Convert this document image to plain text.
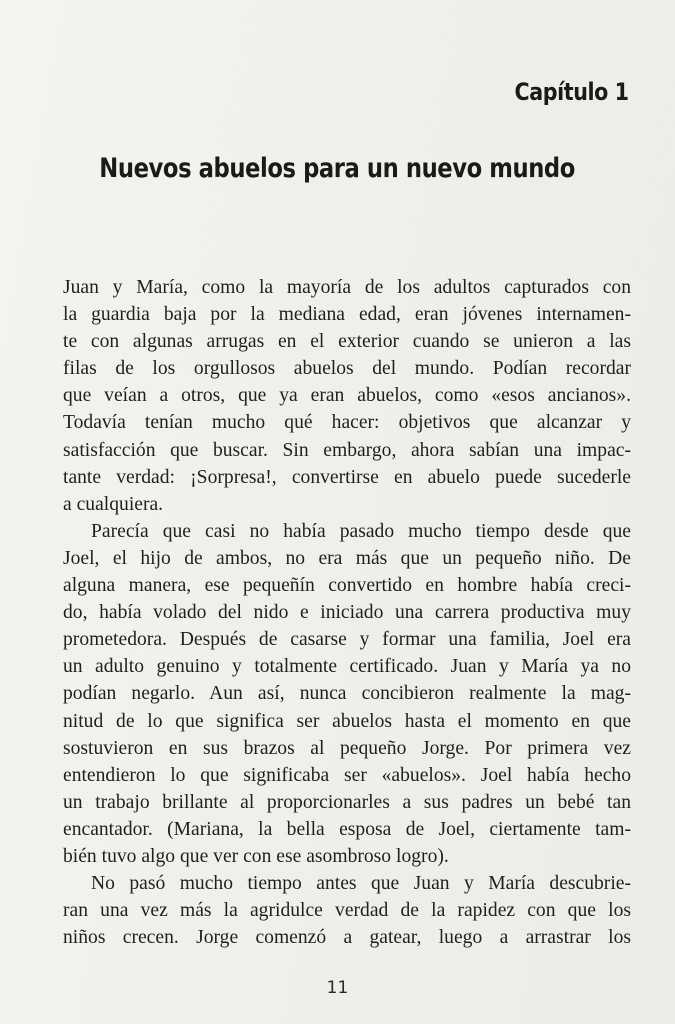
Capítulo 1
Nuevos abuelos para un nuevo mundo

Juan y María, como la mayoría de los adultos capturados con
la guardia baja por la mediana edad, eran jóvenes internamen-
te con algunas arrugas en el exterior cuando se unieron a las
filas de los orgullosos abuelos del mundo. Podían recordar
que veían a otros, que ya eran abuelos, como «esos ancianos».
Todavía tenían mucho qué hacer: objetivos que alcanzar y
satisfacción que buscar. Sin embargo, ahora sabían una impac-
tante verdad: ¡Sorpresa!, convertirse en abuelo puede sucederle
a cualquiera.

Parecía que casi no había pasado mucho tiempo desde que
Joel, el hijo de ambos, no era más que un pequeño niño. De
alguna manera, ese pequeñín convertido en hombre había creci-
do, había volado del nido e iniciado una carrera productiva muy
prometedora. Después de casarse y formar una familia, Joel era
un adulto genuino y totalmente certificado. Juan y María ya no
podían negarlo. Aun así, nunca concibieron realmente la mag-
nitud de lo que significa ser abuelos hasta el momento en que
sostuvieron en sus brazos al pequeño Jorge. Por primera vez
entendieron lo que significaba ser «abuelos». Joel había hecho
un trabajo brillante al proporcionarles a sus padres un bebé tan
encantador. (Mariana, la bella esposa de Joel, ciertamente tam-
bién tuvo algo que ver con ese asombroso logro).

No pasó mucho tiempo antes que Juan y María descubrie-
ran una vez más la agridulce verdad de la rapidez con que los
niños crecen. Jorge comenzó a gatear, luego a arrastrar los

11
